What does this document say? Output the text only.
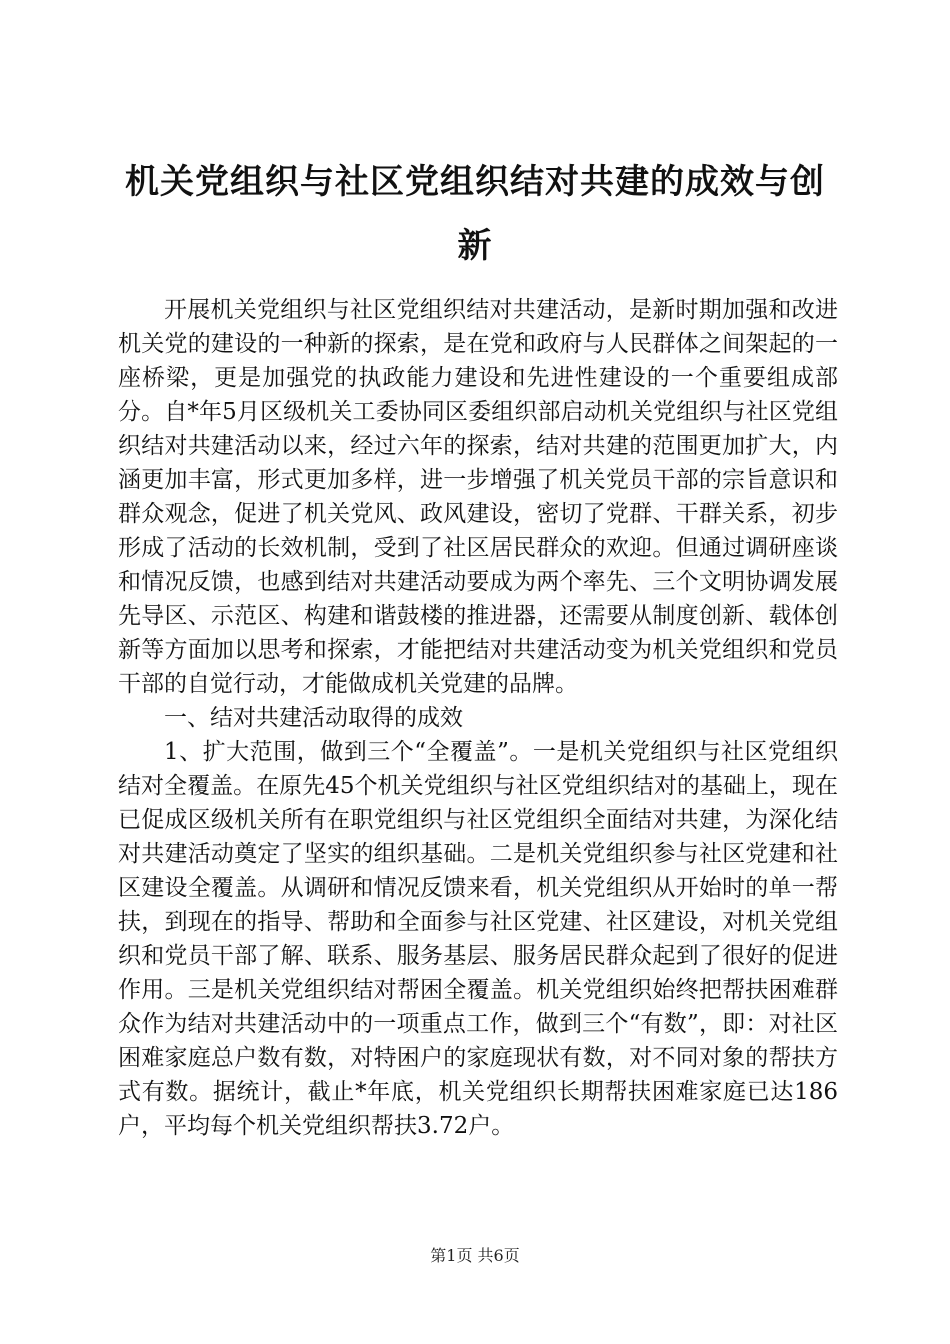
机关党组织与社区党组织结对共建的成效与创新

开展机关党组织与社区党组织结对共建活动，是新时期加强和改进机关党的建设的一种新的探索，是在党和政府与人民群体之间架起的一座桥梁，更是加强党的执政能力建设和先进性建设的一个重要组成部分。自*年5月区级机关工委协同区委组织部启动机关党组织与社区党组织结对共建活动以来，经过六年的探索，结对共建的范围更加扩大，内涵更加丰富，形式更加多样，进一步增强了机关党员干部的宗旨意识和群众观念，促进了机关党风、政风建设，密切了党群、干群关系，初步形成了活动的长效机制，受到了社区居民群众的欢迎。但通过调研座谈和情况反馈，也感到结对共建活动要成为两个率先、三个文明协调发展先导区、示范区、构建和谐鼓楼的推进器，还需要从制度创新、载体创新等方面加以思考和探索，才能把结对共建活动变为机关党组织和党员干部的自觉行动，才能做成机关党建的品牌。

一、结对共建活动取得的成效

1、扩大范围，做到三个“全覆盖”。一是机关党组织与社区党组织结对全覆盖。在原先45个机关党组织与社区党组织结对的基础上，现在已促成区级机关所有在职党组织与社区党组织全面结对共建，为深化结对共建活动奠定了坚实的组织基础。二是机关党组织参与社区党建和社区建设全覆盖。从调研和情况反馈来看，机关党组织从开始时的单一帮扶，到现在的指导、帮助和全面参与社区党建、社区建设，对机关党组织和党员干部了解、联系、服务基层、服务居民群众起到了很好的促进作用。三是机关党组织结对帮困全覆盖。机关党组织始终把帮扶困难群众作为结对共建活动中的一项重点工作，做到三个“有数”，即：对社区困难家庭总户数有数，对特困户的家庭现状有数，对不同对象的帮扶方式有数。据统计，截止*年底，机关党组织长期帮扶困难家庭已达186户，平均每个机关党组织帮扶3.72户。

第1页 共6页
